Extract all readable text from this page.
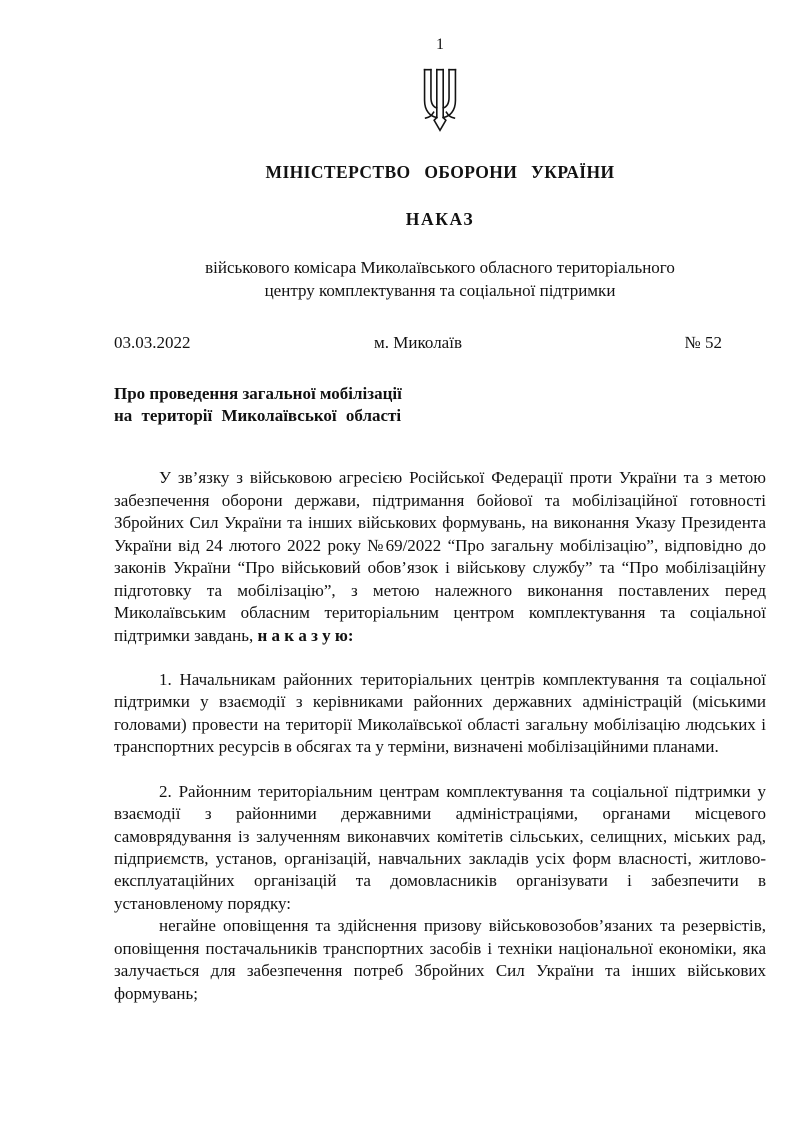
1
МІНІСТЕРСТВО ОБОРОНИ УКРАЇНИ
НАКАЗ
військового комісара Миколаївського обласного територіального
центру комплектування та соціальної підтримки
03.03.2022	м. Миколаїв	№ 52
Про проведення загальної мобілізації
на території Миколаївської області

У зв’язку з військовою агресією Російської Федерації проти України та з метою забезпечення оборони держави, підтримання бойової та мобілізаційної готовності Збройних Сил України та інших військових формувань, на виконання Указу Президента України від 24 лютого 2022 року №69/2022 “Про загальну мобілізацію”, відповідно до законів України “Про військовий обов’язок і військову службу” та “Про мобілізаційну підготовку та мобілізацію”, з метою належного виконання поставлених перед Миколаївським обласним територіальним центром комплектування та соціальної підтримки завдань, н а к а з у ю:

1. Начальникам районних територіальних центрів комплектування та соціальної підтримки у взаємодії з керівниками районних державних адміністрацій (міськими головами) провести на території Миколаївської області загальну мобілізацію людських і транспортних ресурсів в обсягах та у терміни, визначені мобілізаційними планами.

2. Районним територіальним центрам комплектування та соціальної підтримки у взаємодії з районними державними адміністраціями, органами місцевого самоврядування із залученням виконавчих комітетів сільських, селищних, міських рад, підприємств, установ, організацій, навчальних закладів усіх форм власності, житлово-експлуатаційних організацій та домовласників організувати і забезпечити в установленому порядку:

негайне оповіщення та здійснення призову військовозобов’язаних та резервістів, оповіщення постачальників транспортних засобів і техніки національної економіки, яка залучається для забезпечення потреб Збройних Сил України та інших військових формувань;
